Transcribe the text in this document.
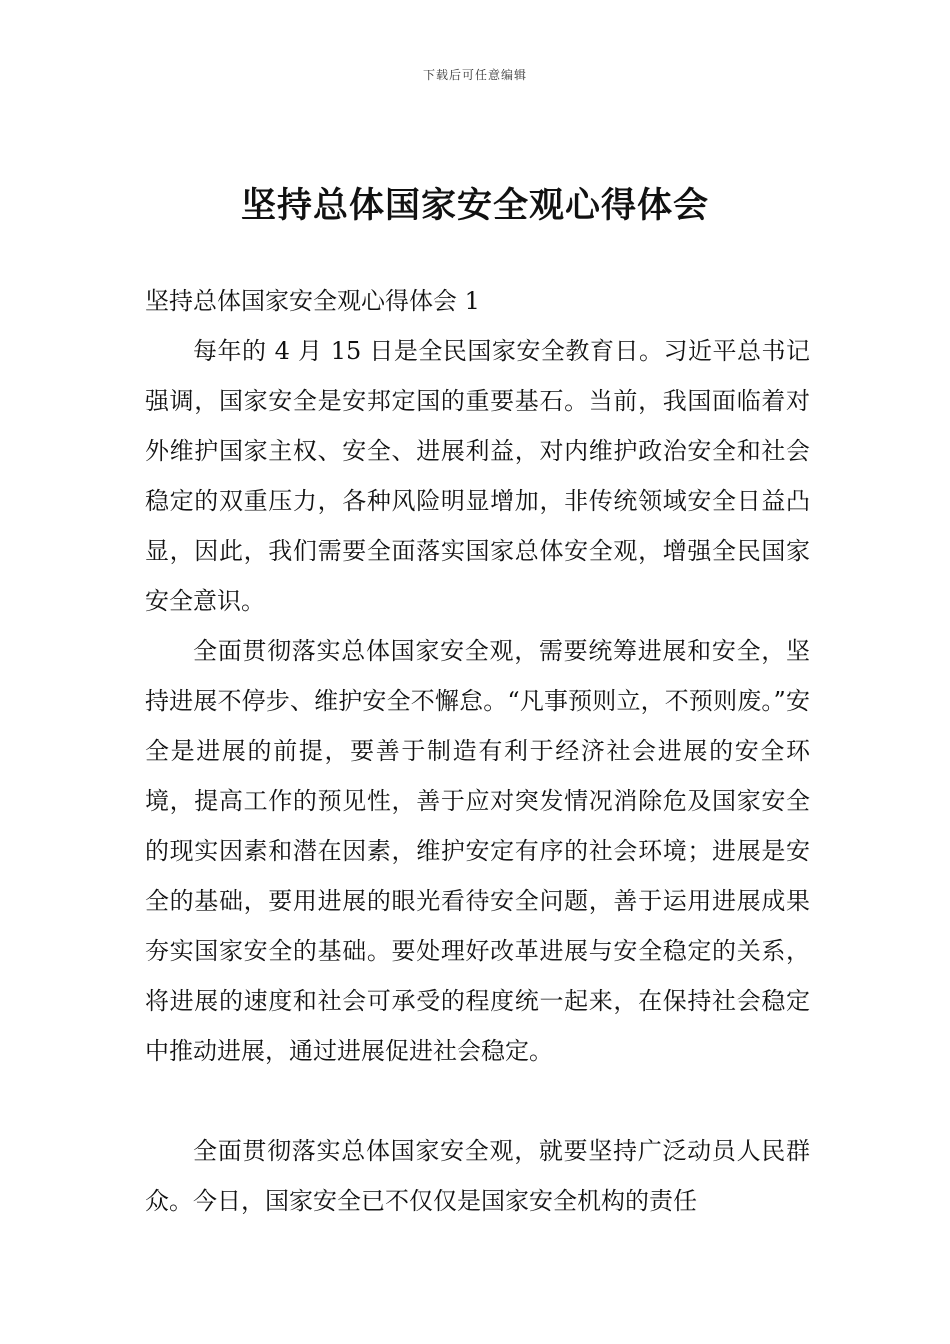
下载后可任意编辑
坚持总体国家安全观心得体会
坚持总体国家安全观心得体会 1

每年的 4 月 15 日是全民国家安全教育日。习近平总书记强调，国家安全是安邦定国的重要基石。当前，我国面临着对外维护国家主权、安全、进展利益，对内维护政治安全和社会稳定的双重压力，各种风险明显增加，非传统领域安全日益凸显，因此，我们需要全面落实国家总体安全观，增强全民国家安全意识。

全面贯彻落实总体国家安全观，需要统筹进展和安全，坚持进展不停步、维护安全不懈怠。“凡事预则立，不预则废。”安全是进展的前提，要善于制造有利于经济社会进展的安全环境，提高工作的预见性，善于应对突发情况消除危及国家安全的现实因素和潜在因素，维护安定有序的社会环境；进展是安全的基础，要用进展的眼光看待安全问题，善于运用进展成果夯实国家安全的基础。要处理好改革进展与安全稳定的关系，将进展的速度和社会可承受的程度统一起来，在保持社会稳定中推动进展，通过进展促进社会稳定。

全面贯彻落实总体国家安全观，就要坚持广泛动员人民群众。今日，国家安全已不仅仅是国家安全机构的责任
